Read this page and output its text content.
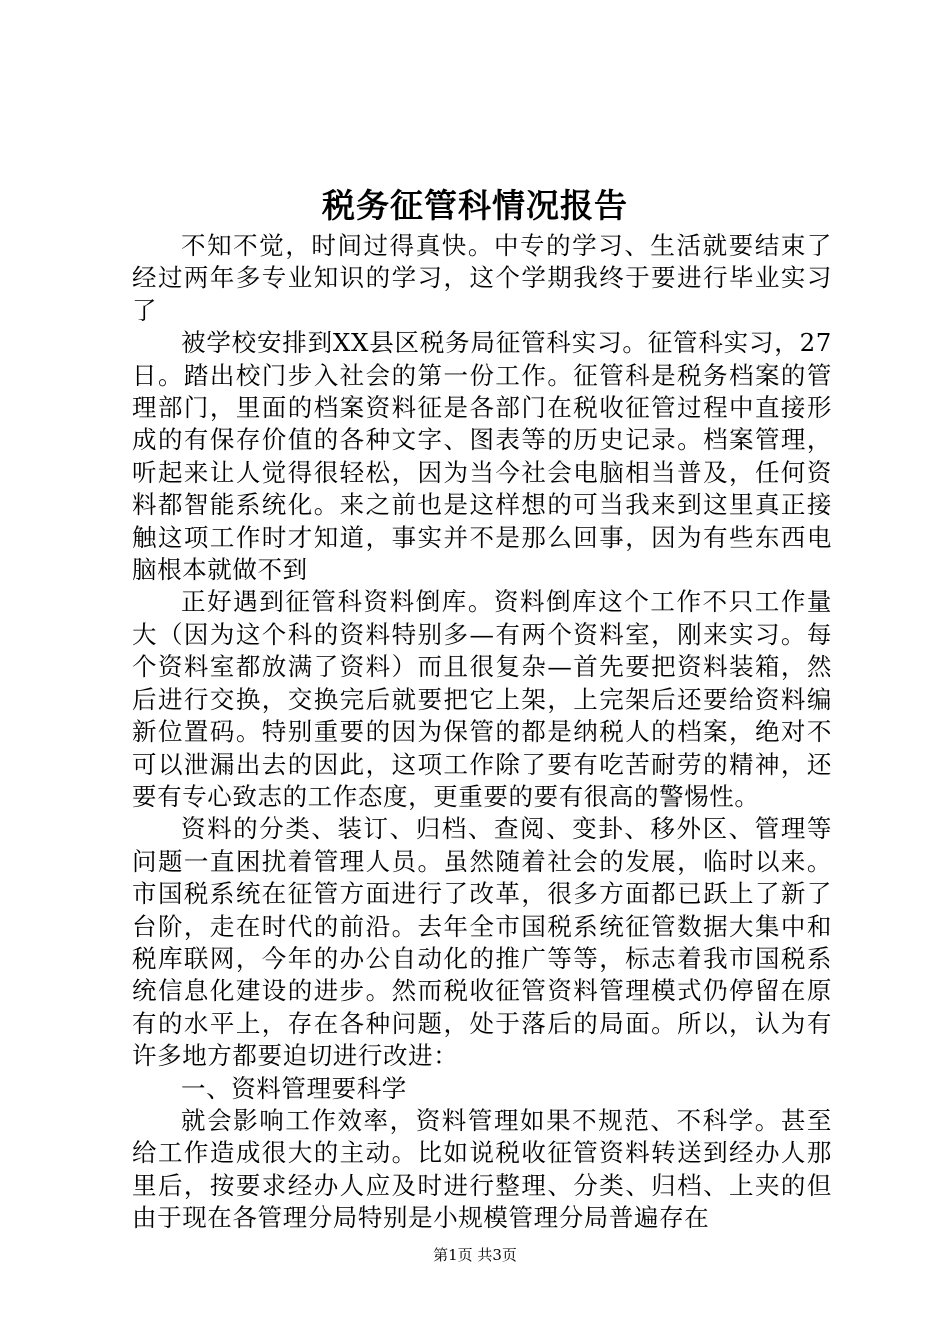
税务征管科情况报告

不知不觉，时间过得真快。中专的学习、生活就要结束了经过两年多专业知识的学习，这个学期我终于要进行毕业实习了

被学校安排到XX县区税务局征管科实习。征管科实习，27日。踏出校门步入社会的第一份工作。征管科是税务档案的管理部门，里面的档案资料征是各部门在税收征管过程中直接形成的有保存价值的各种文字、图表等的历史记录。档案管理，听起来让人觉得很轻松，因为当今社会电脑相当普及，任何资料都智能系统化。来之前也是这样想的可当我来到这里真正接触这项工作时才知道，事实并不是那么回事，因为有些东西电脑根本就做不到

正好遇到征管科资料倒库。资料倒库这个工作不只工作量大（因为这个科的资料特别多—有两个资料室，刚来实习。每个资料室都放满了资料）而且很复杂—首先要把资料装箱，然后进行交换，交换完后就要把它上架，上完架后还要给资料编新位置码。特别重要的因为保管的都是纳税人的档案，绝对不可以泄漏出去的因此，这项工作除了要有吃苦耐劳的精神，还要有专心致志的工作态度，更重要的要有很高的警惕性。

资料的分类、装订、归档、查阅、变卦、移外区、管理等问题一直困扰着管理人员。虽然随着社会的发展，临时以来。市国税系统在征管方面进行了改革，很多方面都已跃上了新了台阶，走在时代的前沿。去年全市国税系统征管数据大集中和税库联网，今年的办公自动化的推广等等，标志着我市国税系统信息化建设的进步。然而税收征管资料管理模式仍停留在原有的水平上，存在各种问题，处于落后的局面。所以，认为有许多地方都要迫切进行改进：

一、资料管理要科学

就会影响工作效率，资料管理如果不规范、不科学。甚至给工作造成很大的主动。比如说税收征管资料转送到经办人那里后，按要求经办人应及时进行整理、分类、归档、上夹的但由于现在各管理分局特别是小规模管理分局普遍存在

第1页 共3页
